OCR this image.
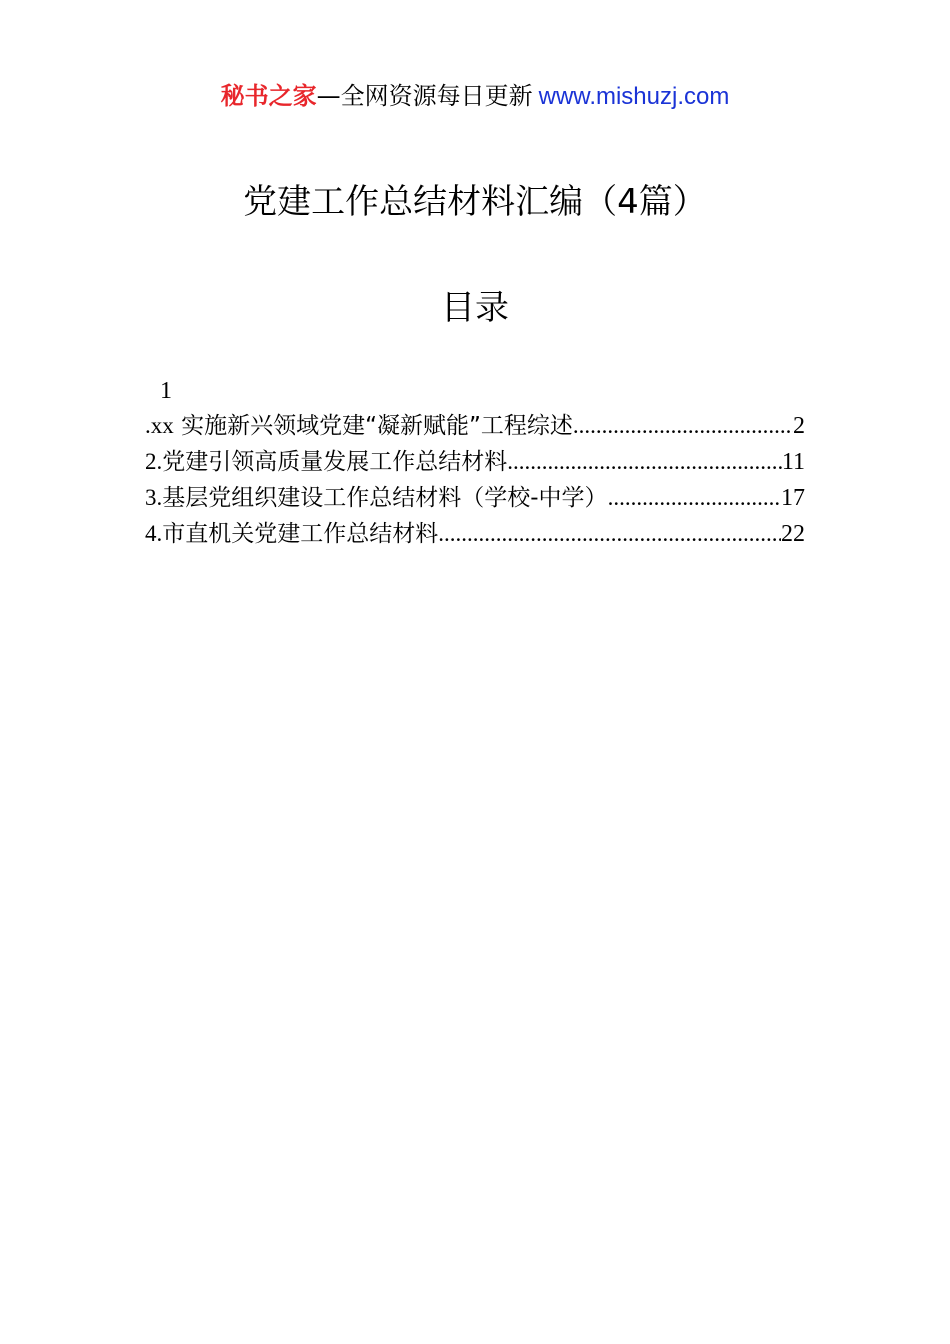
秘书之家—全网资源每日更新 www.mishuzj.com
党建工作总结材料汇编（4篇）
目录
1
.xx 实施新兴领域党建“凝新赋能”工程综述 .....	2
2.党建引领高质量发展工作总结材料 .....	11
3.基层党组织建设工作总结材料（学校-中学） .....	17
4.市直机关党建工作总结材料 .....	22
